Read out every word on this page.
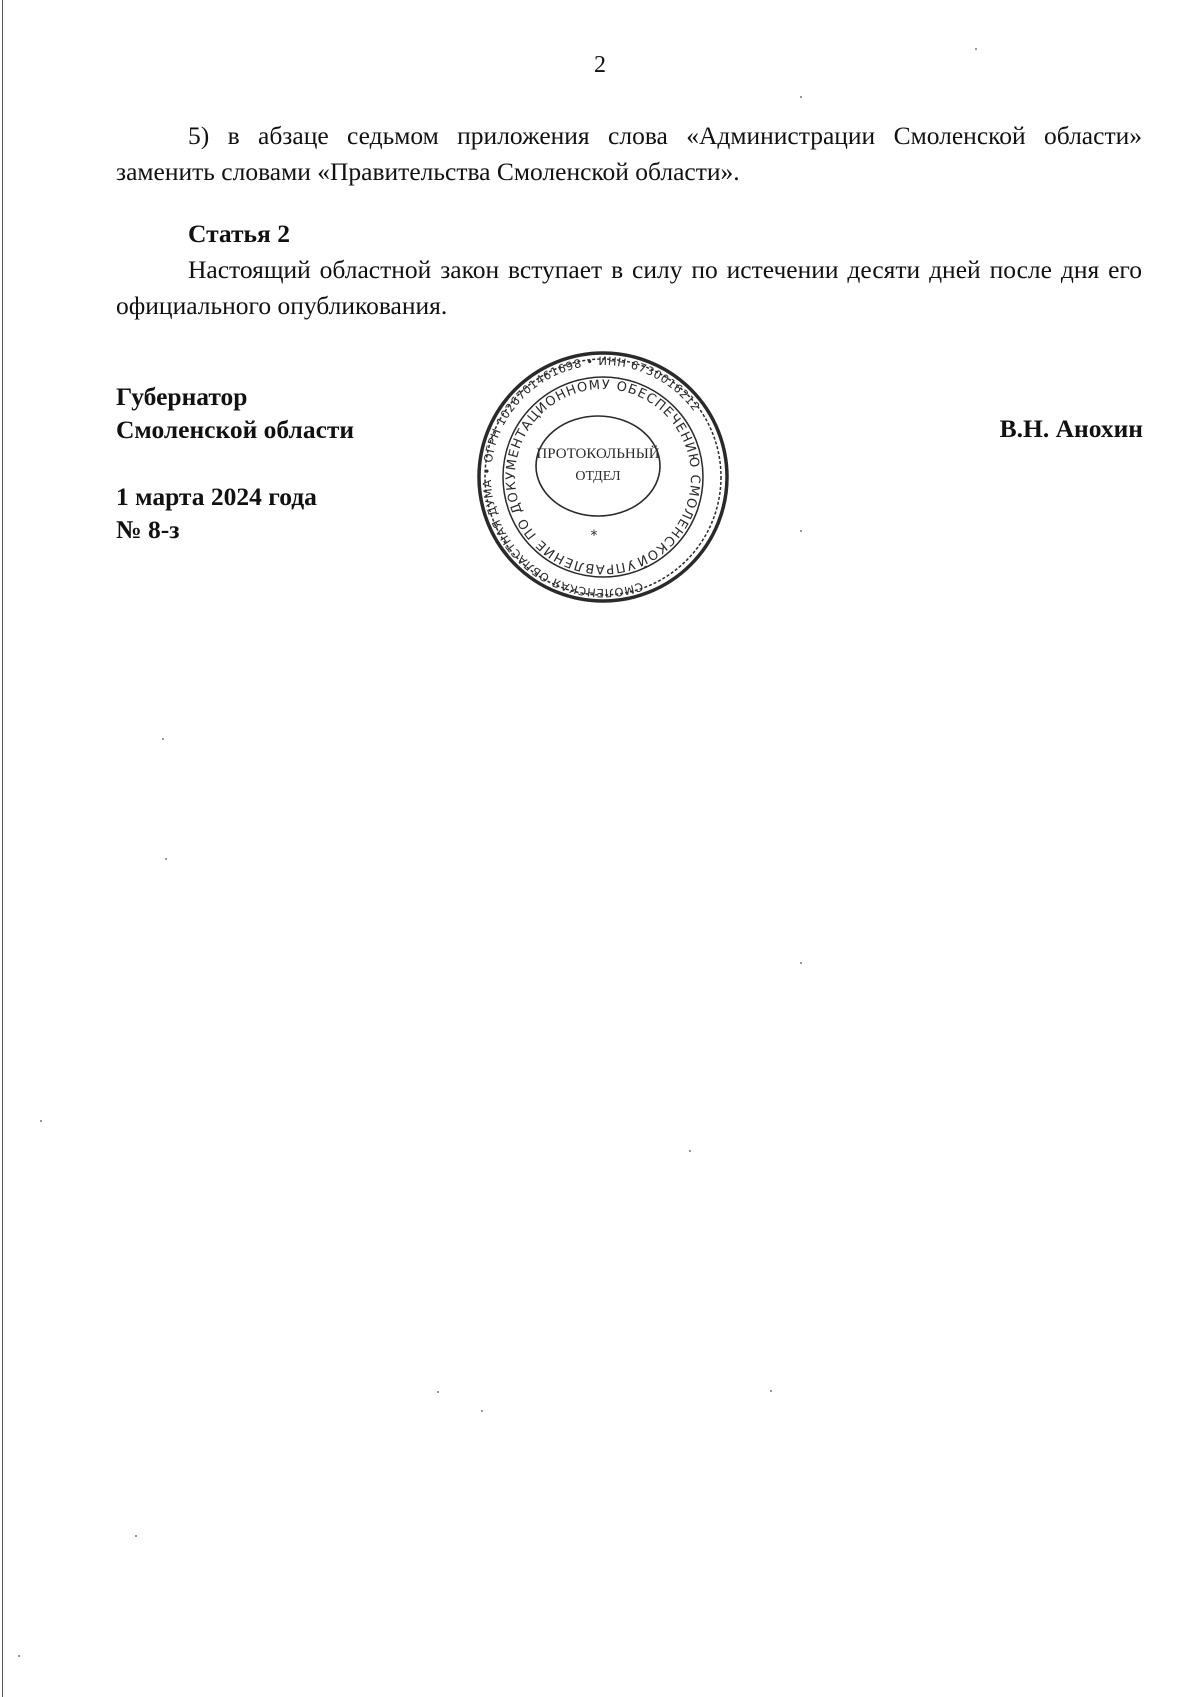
2

5) в абзаце седьмом приложения слова «Администрации Смоленской области» заменить словами «Правительства Смоленской области».

Статья 2

Настоящий областной закон вступает в силу по истечении десяти дней после дня его официального опубликования.

Губернатор
Смоленской области	В.Н. Анохин
1 марта 2024 года
№ 8-з
СМОЛЕНСКАЯ ОБЛАСТНАЯ ДУМА • ОГРН 1026701461698 • ИНН 6730016212
УПРАВЛЕНИЕ ПО ДОКУМЕНТАЦИОННОМУ ОБЕСПЕЧЕНИЮ СМОЛЕНСКОЙ
ПРОТОКОЛЬНЫЙ
ОТДЕЛ
*
